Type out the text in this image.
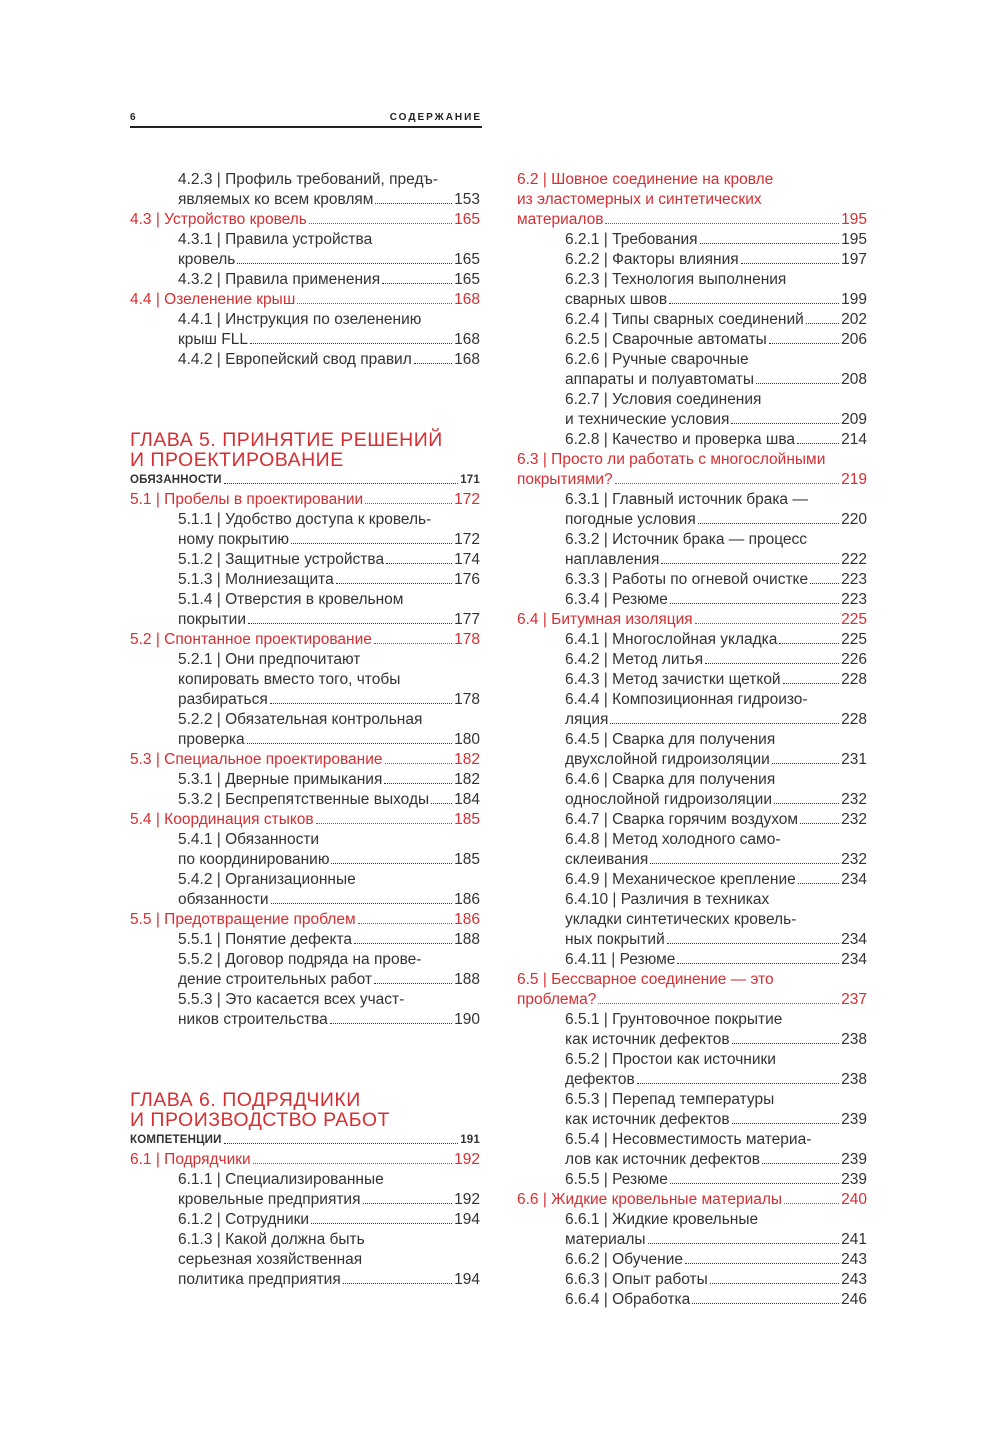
6	СОДЕРЖАНИЕ
4.2.3 | Профиль требований, предъ-
являемых ко всем кровлям	153
4.3 | Устройство кровель	165
4.3.1 | Правила устройства
кровель	165
4.3.2 | Правила применения	165
4.4 | Озеленение крыш	168
4.4.1 | Инструкция по озеленению
крыш FLL	168
4.4.2 | Европейский свод правил	168
ГЛАВА 5. ПРИНЯТИЕ РЕШЕНИЙ
И ПРОЕКТИРОВАНИЕ
ОБЯЗАННОСТИ	171
5.1 | Пробелы в проектировании	172
5.1.1 | Удобство доступа к кровель-
ному покрытию	172
5.1.2 | Защитные устройства	174
5.1.3 | Молниезащита	176
5.1.4 | Отверстия в кровельном
покрытии	177
5.2 | Спонтанное проектирование	178
5.2.1 | Они предпочитают
копировать вместо того, чтобы
разбираться	178
5.2.2 | Обязательная контрольная
проверка	180
5.3 | Специальное проектирование	182
5.3.1 | Дверные примыкания	182
5.3.2 | Беспрепятственные выходы 184
5.4 | Координация стыков	185
5.4.1 | Обязанности
по координированию	185
5.4.2 | Организационные
обязанности	186
5.5 | Предотвращение проблем	186
5.5.1 | Понятие дефекта	188
5.5.2 | Договор подряда на прове-
дение строительных работ	188
5.5.3 | Это касается всех участ-
ников строительства	190
ГЛАВА 6. ПОДРЯДЧИКИ
И ПРОИЗВОДСТВО РАБОТ
КОМПЕТЕНЦИИ	191
6.1 | Подрядчики	192
6.1.1 | Специализированные
кровельные предприятия	192
6.1.2 | Сотрудники	194
6.1.3 | Какой должна быть
серьезная хозяйственная
политика предприятия	194
6.2 | Шовное соединение на кровле
из эластомерных и синтетических
материалов	195
6.2.1 | Требования	195
6.2.2 | Факторы влияния	197
6.2.3 | Технология выполнения
сварных швов	199
6.2.4 | Типы сварных соединений 202
6.2.5 | Сварочные автоматы	206
6.2.6 | Ручные сварочные
аппараты и полуавтоматы	208
6.2.7 | Условия соединения
и технические условия	209
6.2.8 | Качество и проверка шва	214
6.3 | Просто ли работать с многослойными
покрытиями?	219
6.3.1 | Главный источник брака —
погодные условия	220
6.3.2 | Источник брака — процесс
наплавления	222
6.3.3 | Работы по огневой очистке 223
6.3.4 | Резюме	223
6.4 | Битумная изоляция	225
6.4.1 | Многослойная укладка	225
6.4.2 | Метод литья	226
6.4.3 | Метод зачистки щеткой	228
6.4.4 | Композиционная гидроизо-
ляция	228
6.4.5 | Сварка для получения
двухслойной гидроизоляции	231
6.4.6 | Сварка для получения
однослойной гидроизоляции	232
6.4.7 | Сварка горячим воздухом	232
6.4.8 | Метод холодного само-
склеивания	232
6.4.9 | Механическое крепление	234
6.4.10 | Различия в техниках
укладки синтетических кровель-
ных покрытий	234
6.4.11 | Резюме	234
6.5 | Бессварное соединение — это
проблема?	237
6.5.1 | Грунтовочное покрытие
как источник дефектов	238
6.5.2 | Простои как источники
дефектов	238
6.5.3 | Перепад температуры
как источник дефектов	239
6.5.4 | Несовместимость материа-
лов как источник дефектов	239
6.5.5 | Резюме	239
6.6 | Жидкие кровельные материалы	240
6.6.1 | Жидкие кровельные
материалы	241
6.6.2 | Обучение	243
6.6.3 | Опыт работы	243
6.6.4 | Обработка	246
